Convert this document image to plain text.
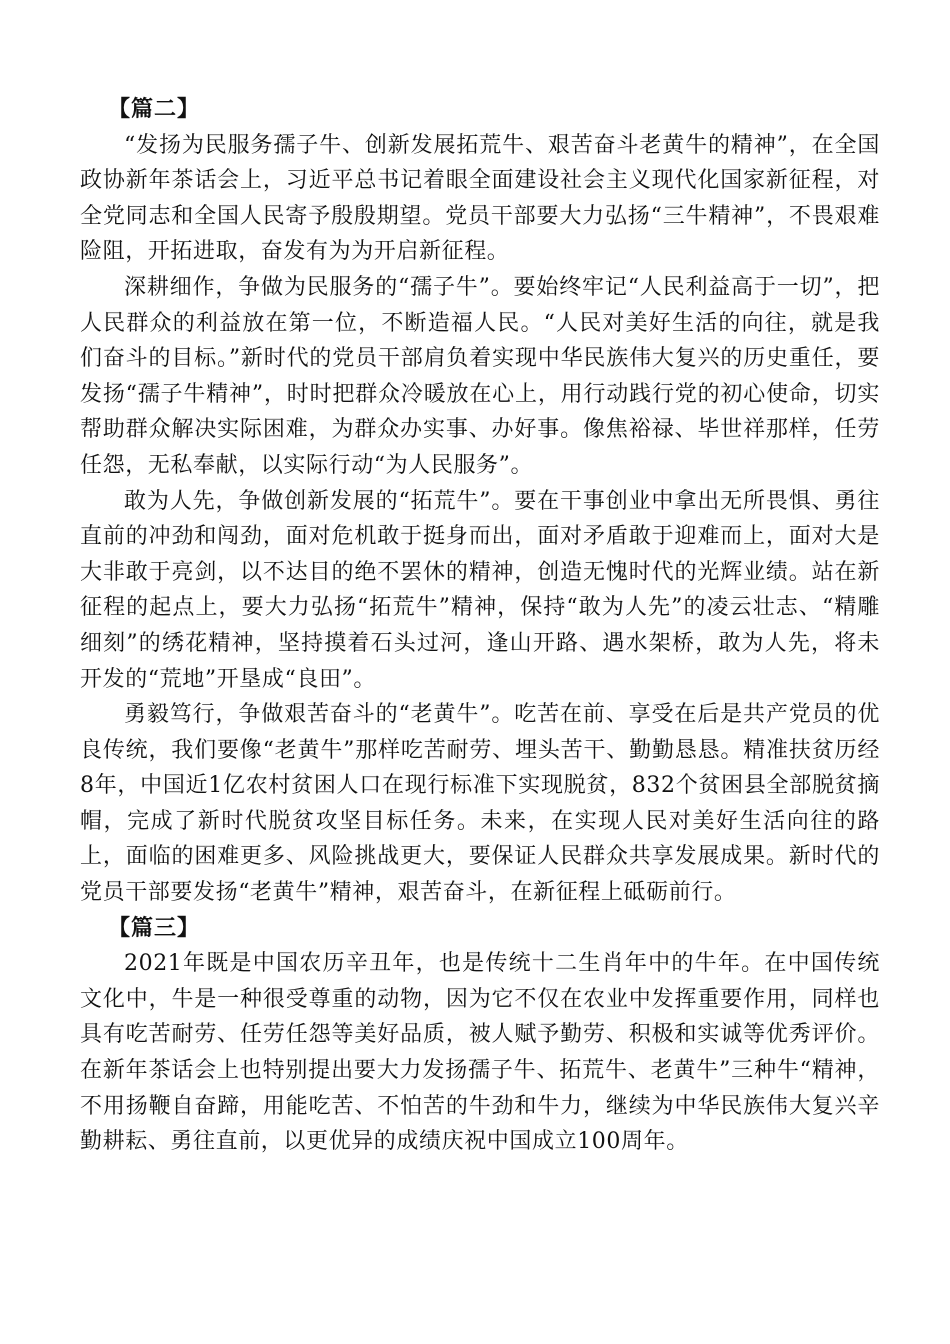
【篇二】

“发扬为民服务孺子牛、创新发展拓荒牛、艰苦奋斗老黄牛的精神”，在全国政协新年茶话会上，习近平总书记着眼全面建设社会主义现代化国家新征程，对全党同志和全国人民寄予殷殷期望。党员干部要大力弘扬“三牛精神”，不畏艰难险阻，开拓进取，奋发有为为开启新征程。

深耕细作，争做为民服务的“孺子牛”。要始终牢记“人民利益高于一切”，把人民群众的利益放在第一位，不断造福人民。“人民对美好生活的向往，就是我们奋斗的目标。”新时代的党员干部肩负着实现中华民族伟大复兴的历史重任，要发扬“孺子牛精神”，时时把群众冷暖放在心上，用行动践行党的初心使命，切实帮助群众解决实际困难，为群众办实事、办好事。像焦裕禄、毕世祥那样，任劳任怨，无私奉献，以实际行动“为人民服务”。

敢为人先，争做创新发展的“拓荒牛”。要在干事创业中拿出无所畏惧、勇往直前的冲劲和闯劲，面对危机敢于挺身而出，面对矛盾敢于迎难而上，面对大是大非敢于亮剑，以不达目的绝不罢休的精神，创造无愧时代的光辉业绩。站在新征程的起点上，要大力弘扬“拓荒牛”精神，保持“敢为人先”的凌云壮志、“精雕细刻”的绣花精神，坚持摸着石头过河，逢山开路、遇水架桥，敢为人先，将未开发的“荒地”开垦成“良田”。

勇毅笃行，争做艰苦奋斗的“老黄牛”。吃苦在前、享受在后是共产党员的优良传统，我们要像“老黄牛”那样吃苦耐劳、埋头苦干、勤勤恳恳。精准扶贫历经8年，中国近1亿农村贫困人口在现行标准下实现脱贫，832个贫困县全部脱贫摘帽，完成了新时代脱贫攻坚目标任务。未来，在实现人民对美好生活向往的路上，面临的困难更多、风险挑战更大，要保证人民群众共享发展成果。新时代的党员干部要发扬“老黄牛”精神，艰苦奋斗，在新征程上砥砺前行。

【篇三】

2021年既是中国农历辛丑年，也是传统十二生肖年中的牛年。在中国传统文化中，牛是一种很受尊重的动物，因为它不仅在农业中发挥重要作用，同样也具有吃苦耐劳、任劳任怨等美好品质，被人赋予勤劳、积极和实诚等优秀评价。在新年茶话会上也特别提出要大力发扬孺子牛、拓荒牛、老黄牛”三种牛“精神，不用扬鞭自奋蹄，用能吃苦、不怕苦的牛劲和牛力，继续为中华民族伟大复兴辛勤耕耘、勇往直前，以更优异的成绩庆祝中国成立100周年。
